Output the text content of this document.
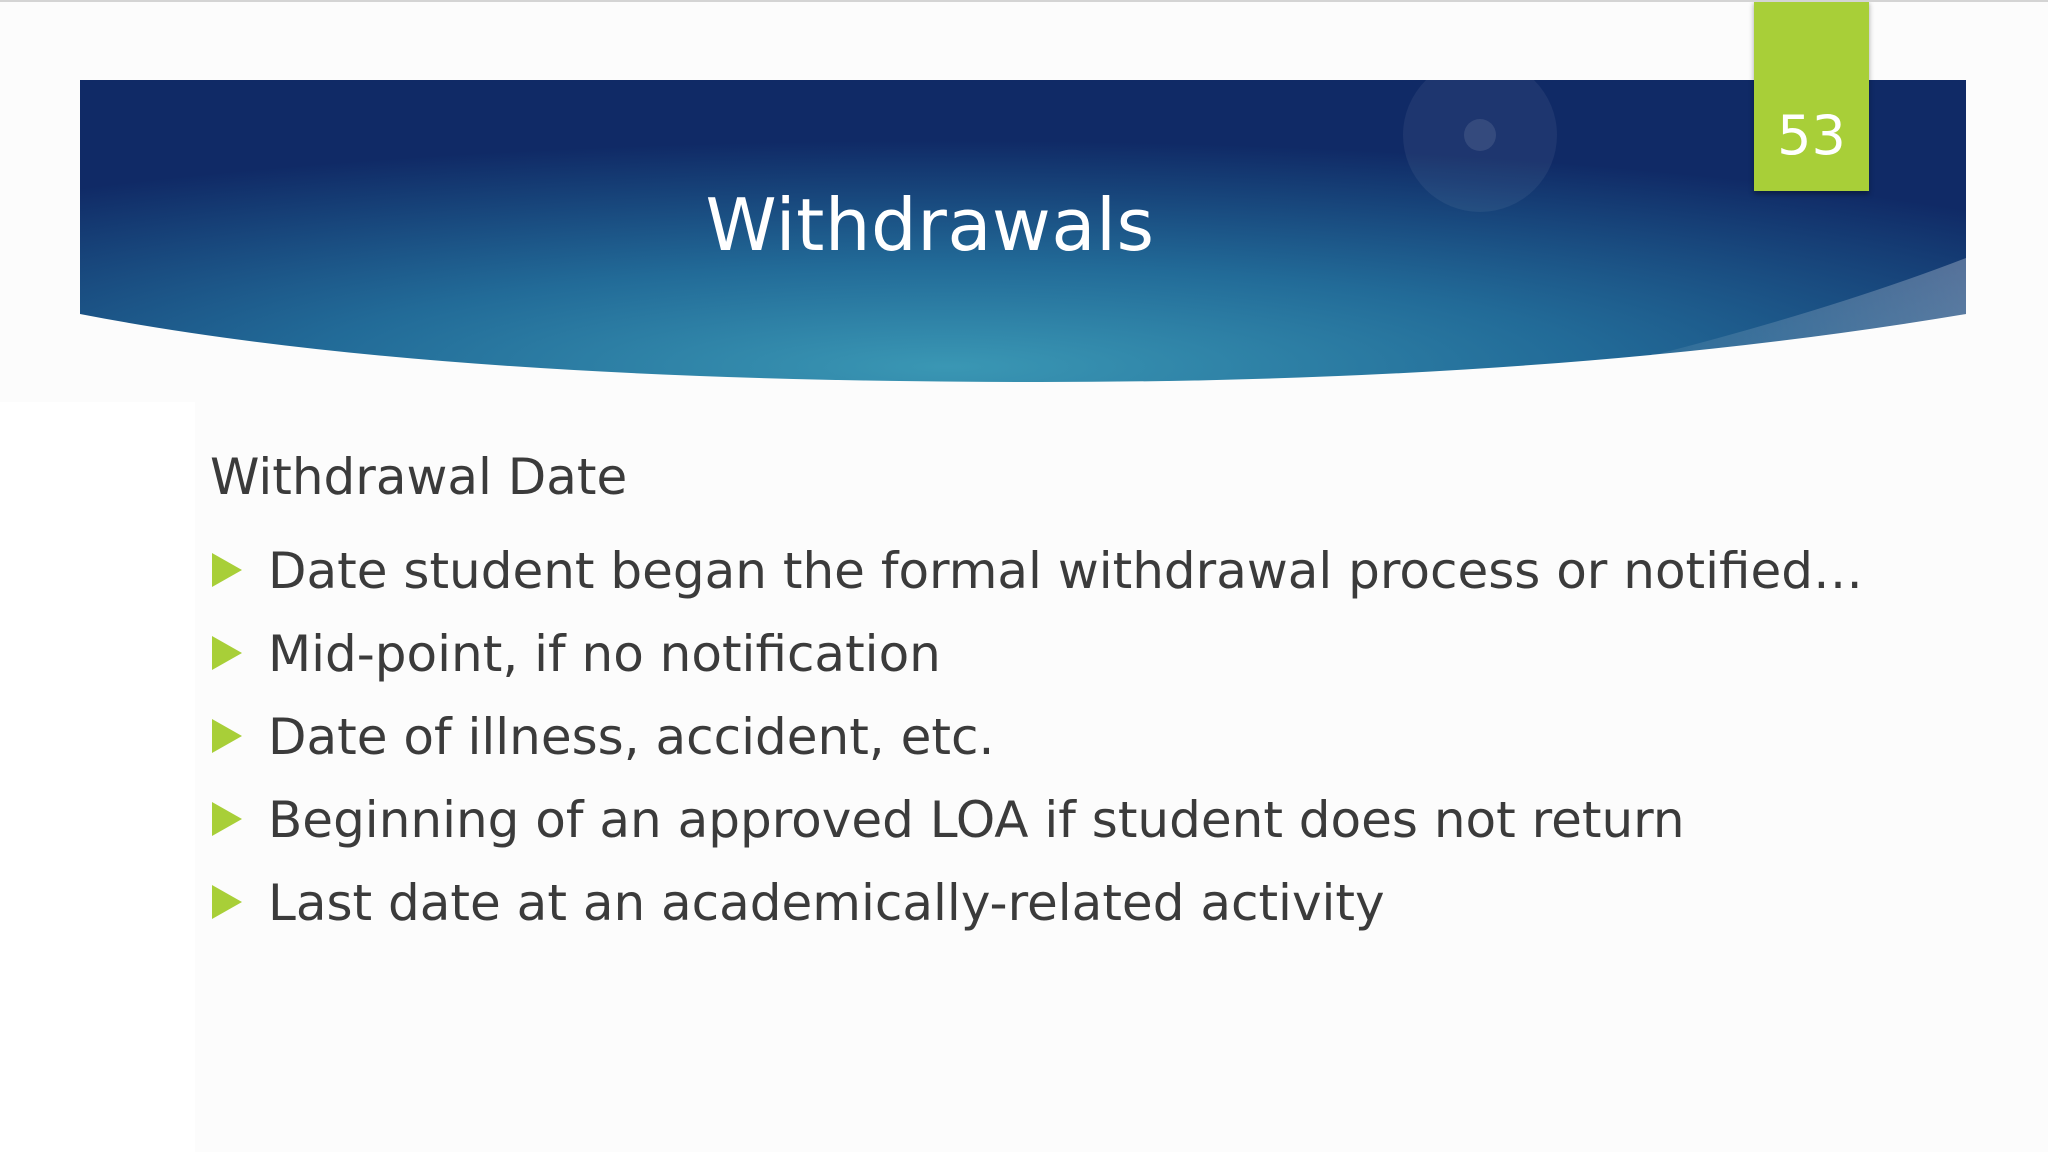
Withdrawals
53
Withdrawal Date
Date student began the formal withdrawal process or notified…
Mid-point, if no notification
Date of illness, accident, etc.
Beginning of an approved LOA if student does not return
Last date at an academically-related activity
